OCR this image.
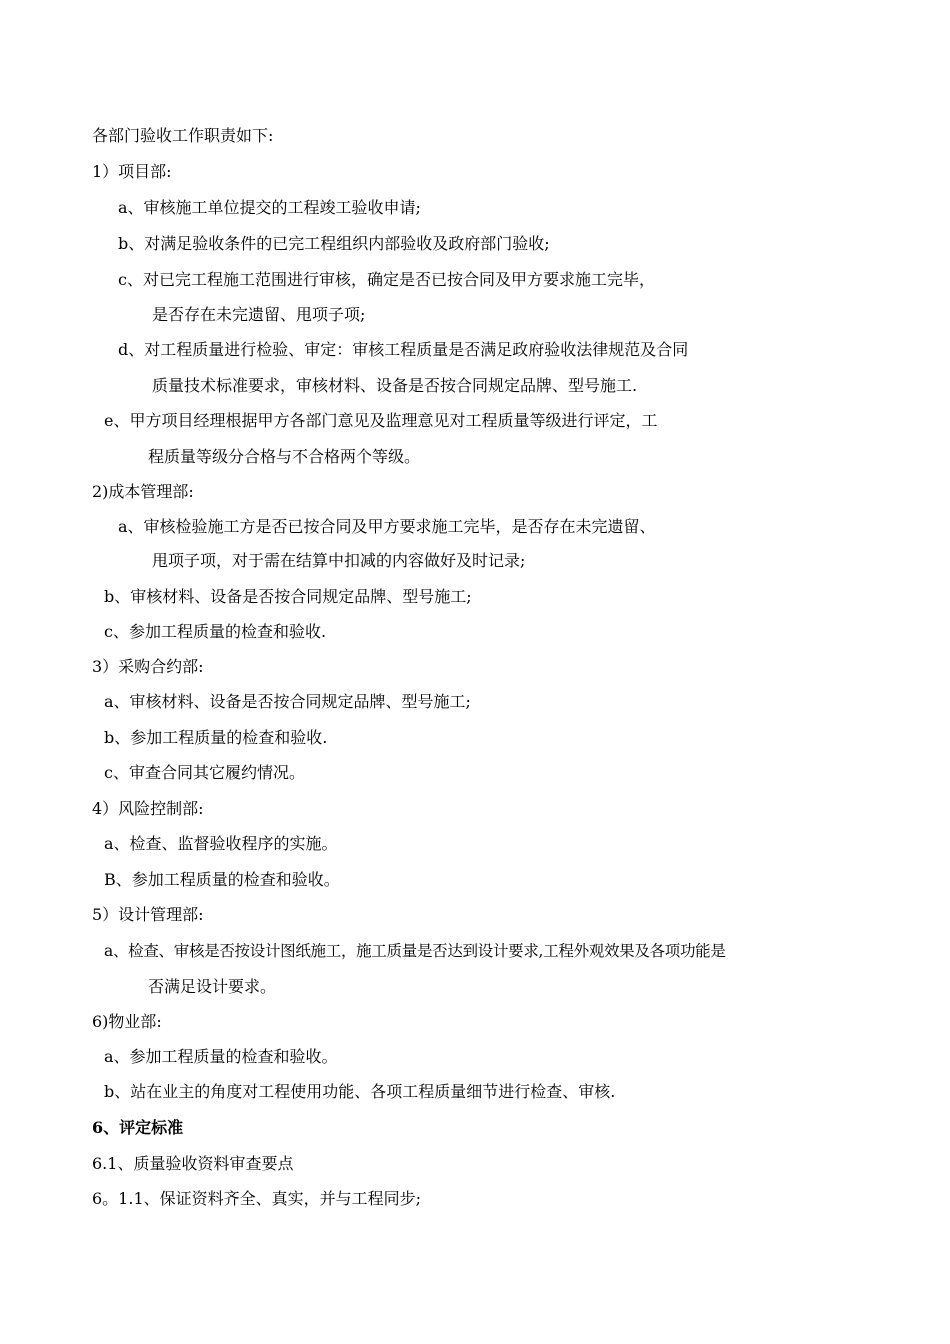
各部门验收工作职责如下:
1）项目部:
a、审核施工单位提交的工程竣工验收申请;
b、对满足验收条件的已完工程组织内部验收及政府部门验收;
c、对已完工程施工范围进行审核，确定是否已按合同及甲方要求施工完毕，
是否存在未完遗留、甩项子项;
d、对工程质量进行检验、审定：审核工程质量是否满足政府验收法律规范及合同
质量技术标准要求，审核材料、设备是否按合同规定品牌、型号施工.
e、甲方项目经理根据甲方各部门意见及监理意见对工程质量等级进行评定，工
程质量等级分合格与不合格两个等级。
2)成本管理部:
a、审核检验施工方是否已按合同及甲方要求施工完毕，是否存在未完遗留、
甩项子项，对于需在结算中扣减的内容做好及时记录;
b、审核材料、设备是否按合同规定品牌、型号施工;
c、参加工程质量的检查和验收.
3）采购合约部:
a、审核材料、设备是否按合同规定品牌、型号施工;
b、参加工程质量的检查和验收.
c、审查合同其它履约情况。
4）风险控制部:
a、检查、监督验收程序的实施。
B、参加工程质量的检查和验收。
5）设计管理部:
a、检查、审核是否按设计图纸施工，施工质量是否达到设计要求,工程外观效果及各项功能是
否满足设计要求。
6)物业部:
a、参加工程质量的检查和验收。
b、站在业主的角度对工程使用功能、各项工程质量细节进行检查、审核.
6、评定标准
6.1、质量验收资料审查要点
6。1.1、保证资料齐全、真实，并与工程同步;
